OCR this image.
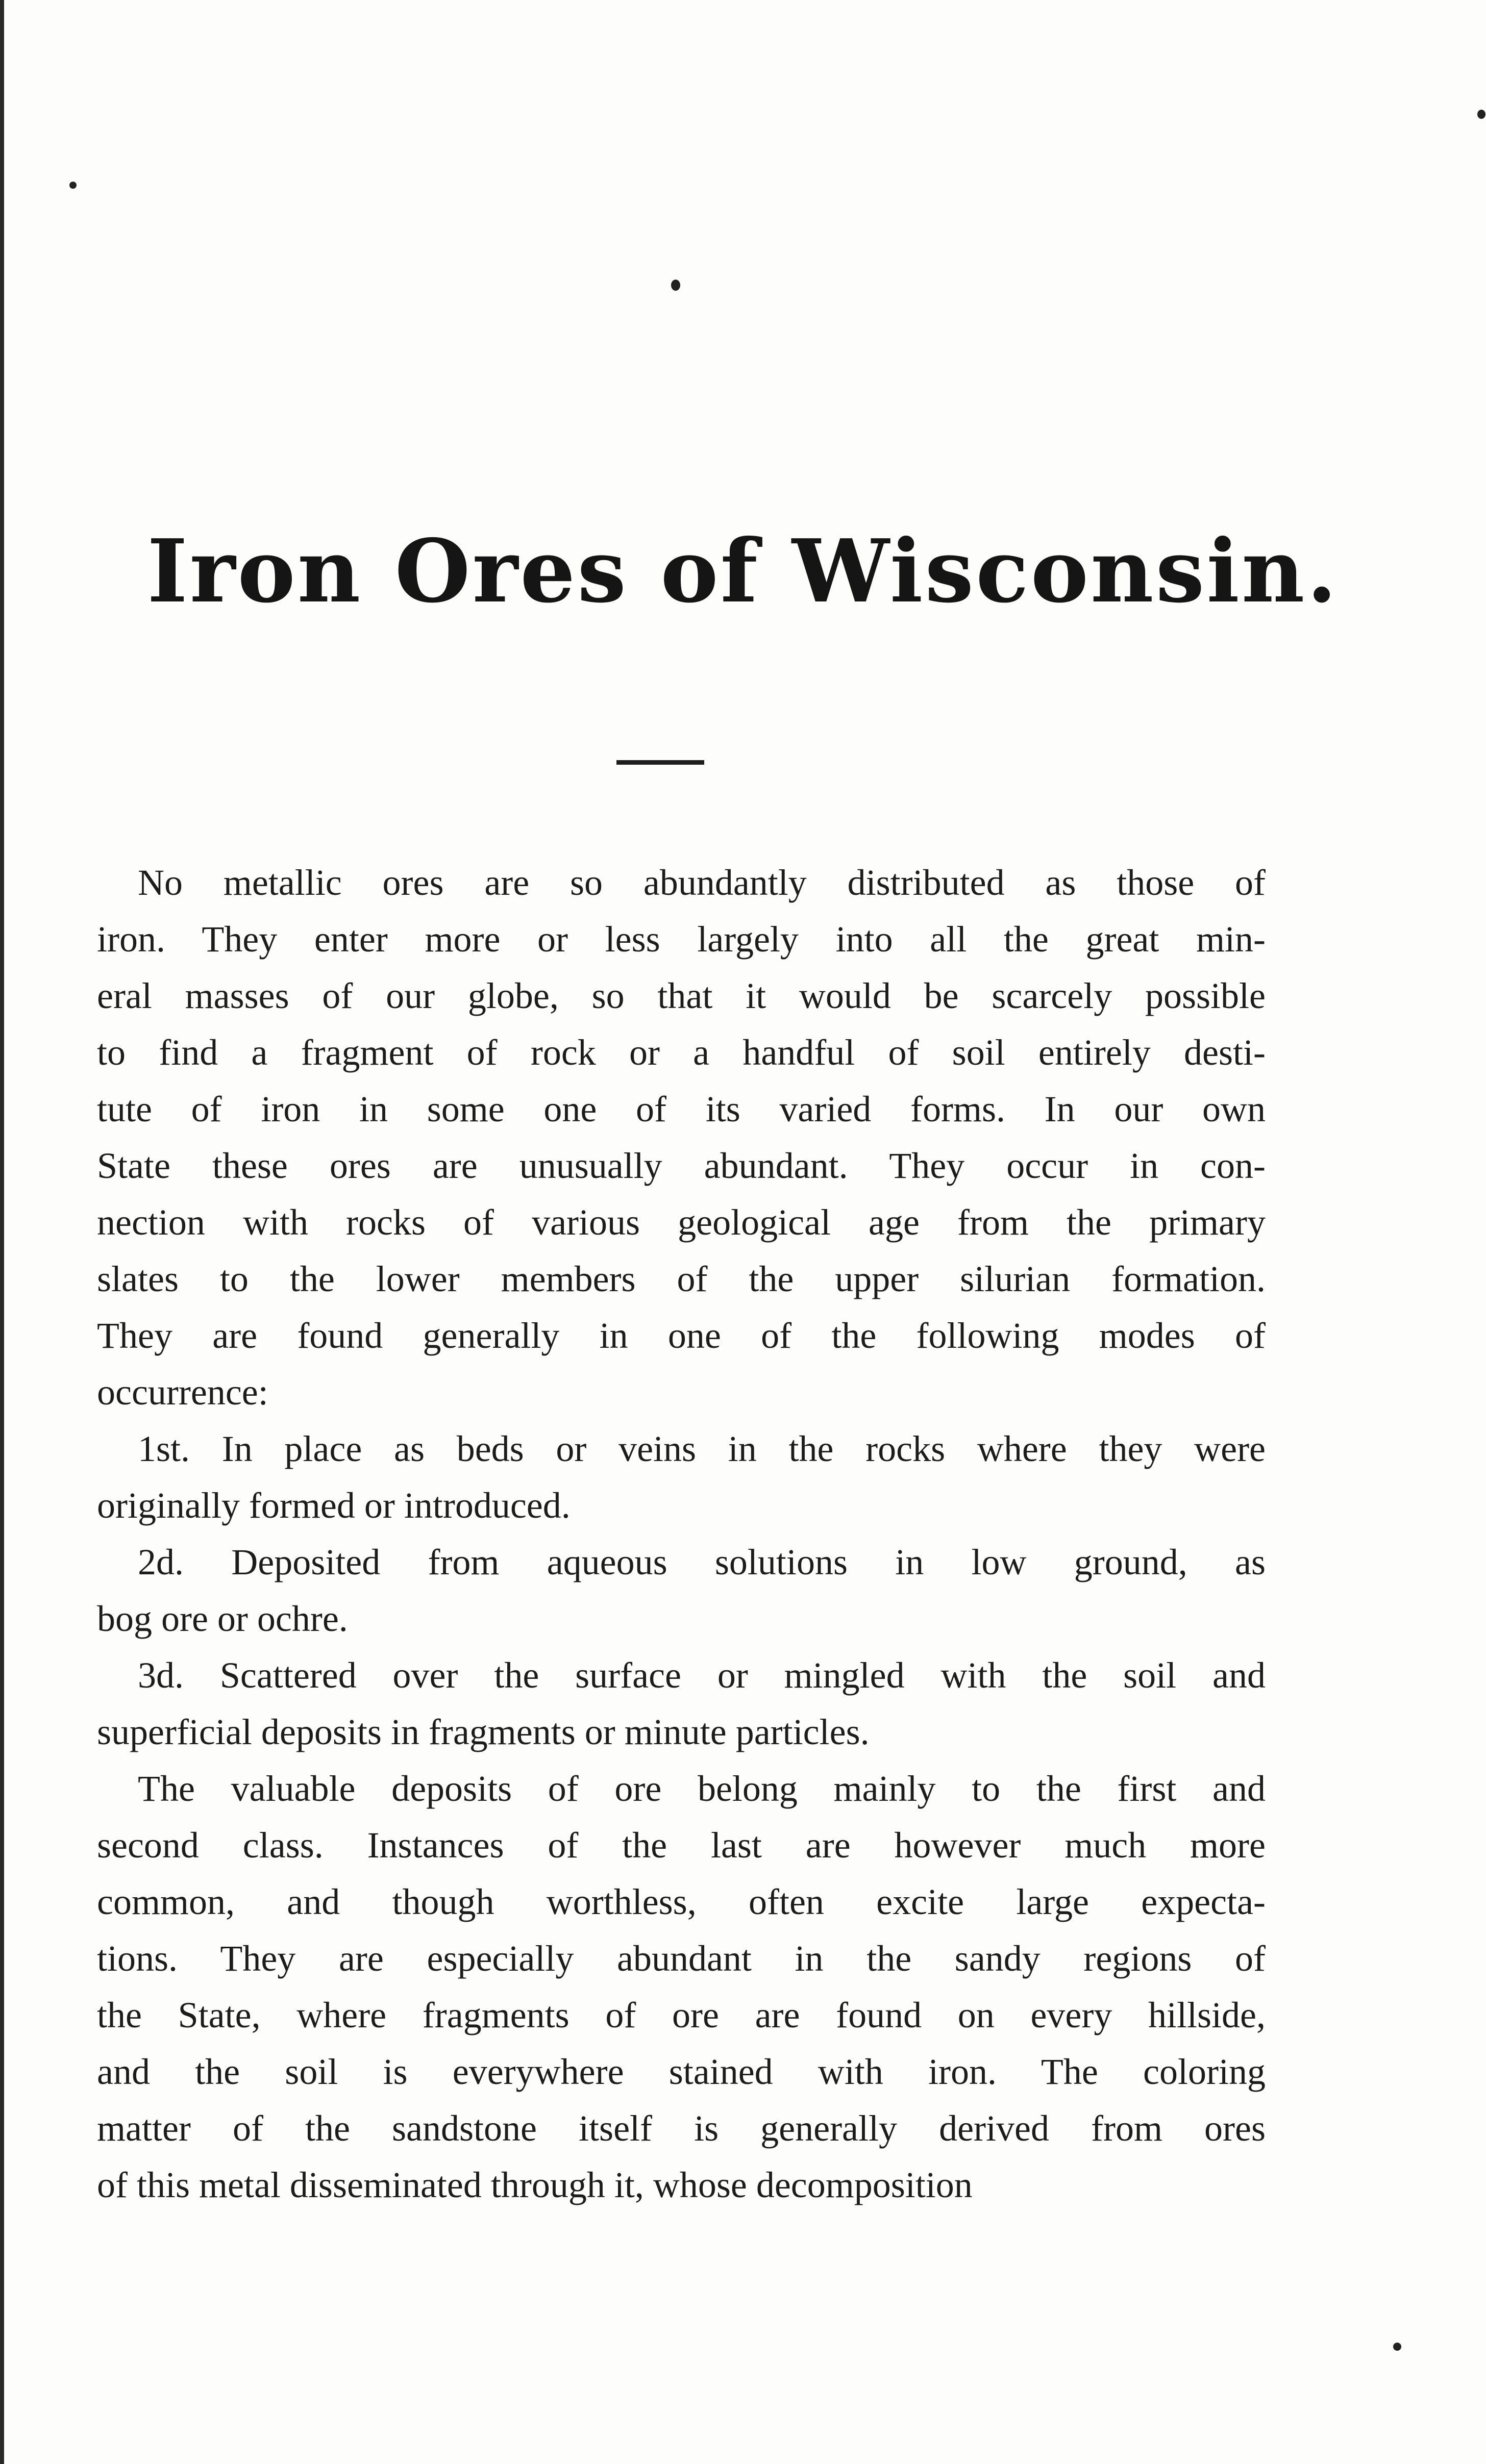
Iron Ores of Wisconsin.
No metallic ores are so abundantly distributed as those of
iron. They enter more or less largely into all the great min-
eral masses of our globe, so that it would be scarcely possible
to find a fragment of rock or a handful of soil entirely desti-
tute of iron in some one of its varied forms. In our own
State these ores are unusually abundant. They occur in con-
nection with rocks of various geological age from the primary
slates to the lower members of the upper silurian formation.
They are found generally in one of the following modes of
occurrence:
1st. In place as beds or veins in the rocks where they were
originally formed or introduced.
2d. Deposited from aqueous solutions in low ground, as
bog ore or ochre.
3d. Scattered over the surface or mingled with the soil and
superficial deposits in fragments or minute particles.
The valuable deposits of ore belong mainly to the first and
second class. Instances of the last are however much more
common, and though worthless, often excite large expecta-
tions. They are especially abundant in the sandy regions of
the State, where fragments of ore are found on every hillside,
and the soil is everywhere stained with iron. The coloring
matter of the sandstone itself is generally derived from ores
of this metal disseminated through it, whose decomposition
